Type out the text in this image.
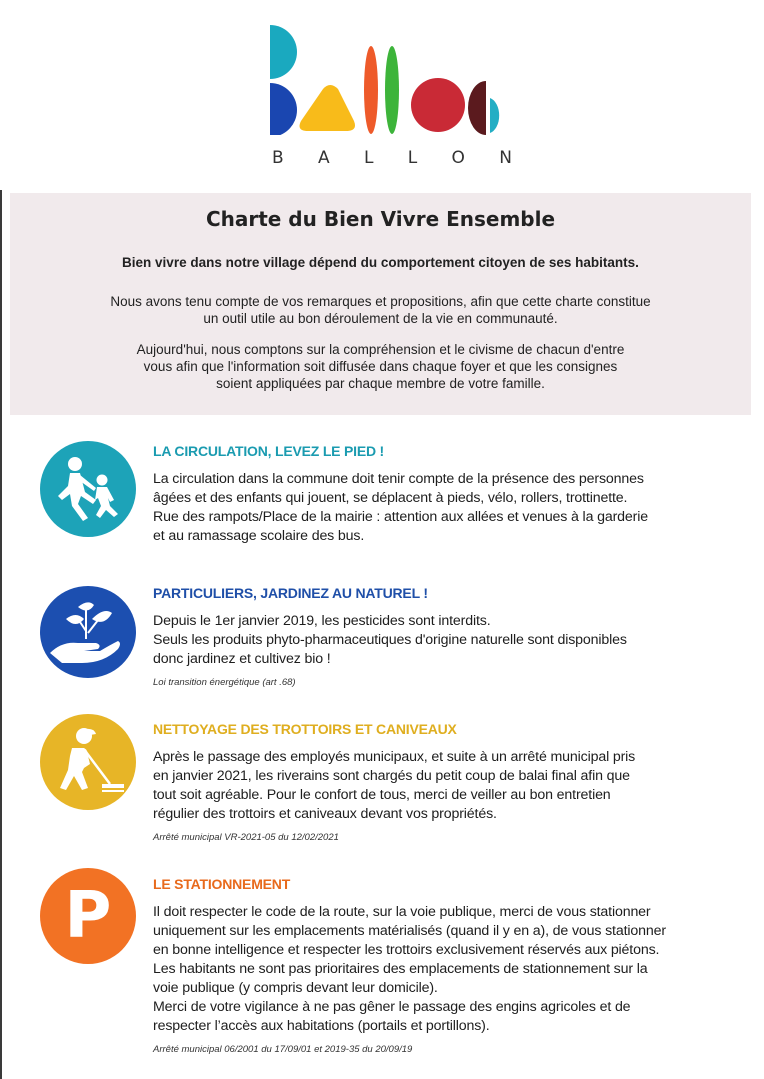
B A L L O N
Charte du Bien Vivre Ensemble
Bien vivre dans notre village dépend du comportement citoyen de ses habitants.
Nous avons tenu compte de vos remarques et propositions, afin que cette charte constitue
un outil utile au bon déroulement de la vie en communauté.
Aujourd'hui, nous comptons sur la compréhension et le civisme de chacun d'entre
vous afin que l'information soit diffusée dans chaque foyer et que les consignes
soient appliquées par chaque membre de votre famille.
LA CIRCULATION, LEVEZ LE PIED !
La circulation dans la commune doit tenir compte de la présence des personnes
âgées et des enfants qui jouent, se déplacent à pieds, vélo, rollers, trottinette.
Rue des rampots/Place de la mairie : attention aux allées et venues à la garderie
et au ramassage scolaire des bus.
PARTICULIERS, JARDINEZ AU NATUREL !
Depuis le 1er janvier 2019, les pesticides sont interdits.
Seuls les produits phyto-pharmaceutiques d'origine naturelle sont disponibles
donc jardinez et cultivez bio !
Loi transition énergétique (art .68)
NETTOYAGE DES TROTTOIRS ET CANIVEAUX
Après le passage des employés municipaux, et suite à un arrêté municipal pris
en janvier 2021, les riverains sont chargés du petit coup de balai final afin que
tout soit agréable. Pour le confort de tous, merci de veiller au bon entretien
régulier des trottoirs et caniveaux devant vos propriétés.
Arrêté municipal VR-2021-05 du 12/02/2021
P	LE STATIONNEMENT
Il doit respecter le code de la route, sur la voie publique, merci de vous stationner
uniquement sur les emplacements matérialisés (quand il y en a), de vous stationner
en bonne intelligence et respecter les trottoirs exclusivement réservés aux piétons.
Les habitants ne sont pas prioritaires des emplacements de stationnement sur la
voie publique (y compris devant leur domicile).
Merci de votre vigilance à ne pas gêner le passage des engins agricoles et de
respecter l’accès aux habitations (portails et portillons).
Arrêté municipal 06/2001 du 17/09/01 et 2019-35 du 20/09/19
